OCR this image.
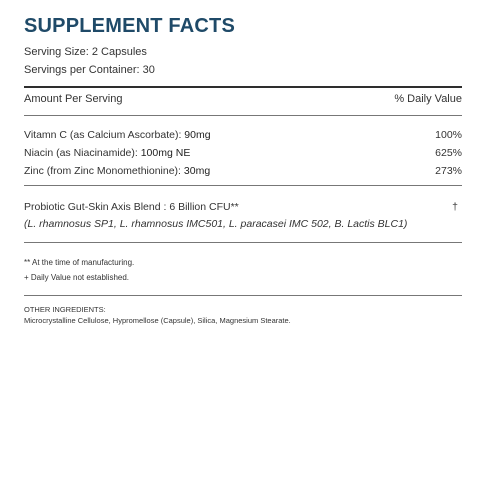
SUPPLEMENT FACTS
Serving Size: 2 Capsules
Servings per Container: 30
Amount Per Serving	% Daily Value
Vitamn C (as Calcium Ascorbate): 90mg	100%
Niacin (as Niacinamide): 100mg NE	625%
Zinc (from Zinc Monomethionine): 30mg	273%
Probiotic Gut-Skin Axis Blend : 6 Billion CFU**	†
(L. rhamnosus SP1, L. rhamnosus IMC501, L. paracasei IMC 502, B. Lactis BLC1)
** At the time of manufacturing.
+ Daily Value not established.
OTHER INGREDIENTS:
Microcrystalline Cellulose, Hypromellose (Capsule), Silica, Magnesium Stearate.
